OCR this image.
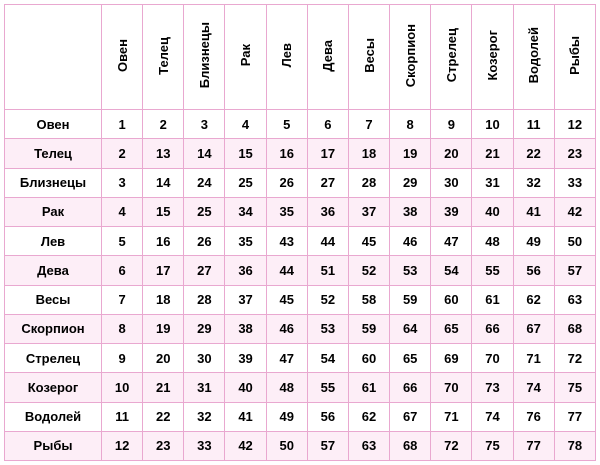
	Овен	Телец	Близнецы	Рак	Лев	Дева	Весы	Скорпион	Стрелец	Козерог	Водолей	Рыбы
Овен	1	2	3	4	5	6	7	8	9	10	11	12
Телец	2	13	14	15	16	17	18	19	20	21	22	23
Близнецы	3	14	24	25	26	27	28	29	30	31	32	33
Рак	4	15	25	34	35	36	37	38	39	40	41	42
Лев	5	16	26	35	43	44	45	46	47	48	49	50
Дева	6	17	27	36	44	51	52	53	54	55	56	57
Весы	7	18	28	37	45	52	58	59	60	61	62	63
Скорпион	8	19	29	38	46	53	59	64	65	66	67	68
Стрелец	9	20	30	39	47	54	60	65	69	70	71	72
Козерог	10	21	31	40	48	55	61	66	70	73	74	75
Водолей	11	22	32	41	49	56	62	67	71	74	76	77
Рыбы	12	23	33	42	50	57	63	68	72	75	77	78
